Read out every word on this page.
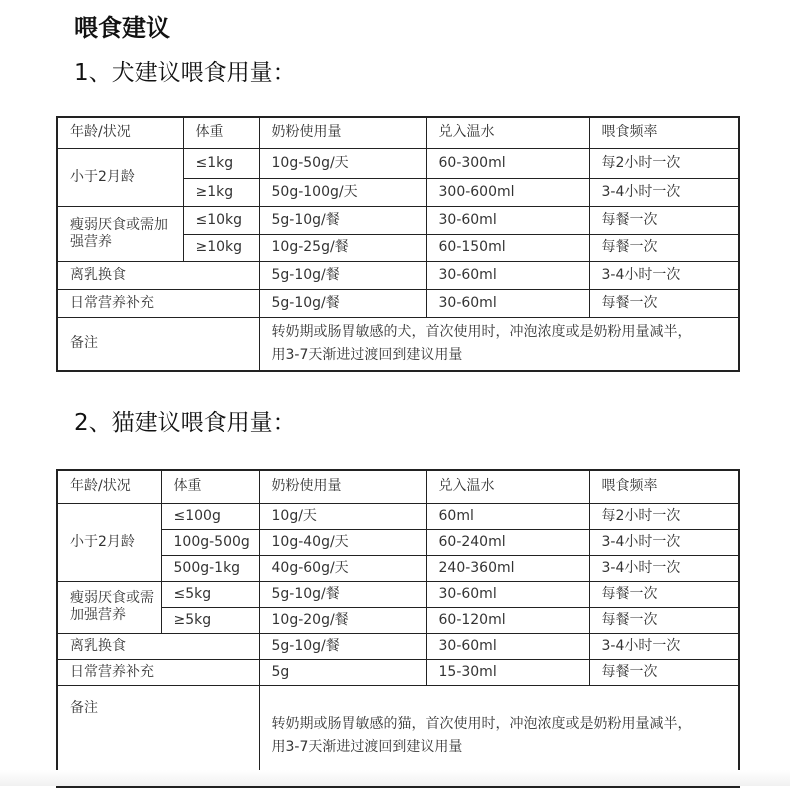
喂食建议
1、犬建议喂食用量：
年龄/状况	体重	奶粉使用量	兑入温水	喂食频率
小于2月龄	≤1kg	10g-50g/天	60-300ml	每2小时一次
	≥1kg	50g-100g/天	300-600ml	3-4小时一次
瘦弱厌食或需加强营养	≤10kg	5g-10g/餐	30-60ml	每餐一次
	≥10kg	10g-25g/餐	60-150ml	每餐一次
离乳换食		5g-10g/餐	30-60ml	3-4小时一次
日常营养补充		5g-10g/餐	30-60ml	每餐一次
备注		转奶期或肠胃敏感的犬，首次使用时，冲泡浓度或是奶粉用量减半，
用3-7天渐进过渡回到建议用量		
2、猫建议喂食用量：
年龄/状况	体重	奶粉使用量	兑入温水	喂食频率
小于2月龄	≤100g	10g/天	60ml	每2小时一次
	100g-500g	10g-40g/天	60-240ml	3-4小时一次
	500g-1kg	40g-60g/天	240-360ml	3-4小时一次
瘦弱厌食或需加强营养	≤5kg	5g-10g/餐	30-60ml	每餐一次
	≥5kg	10g-20g/餐	60-120ml	每餐一次
离乳换食		5g-10g/餐	30-60ml	3-4小时一次
日常营养补充		5g	15-30ml	每餐一次
备注		转奶期或肠胃敏感的猫，首次使用时，冲泡浓度或是奶粉用量减半，
用3-7天渐进过渡回到建议用量		
